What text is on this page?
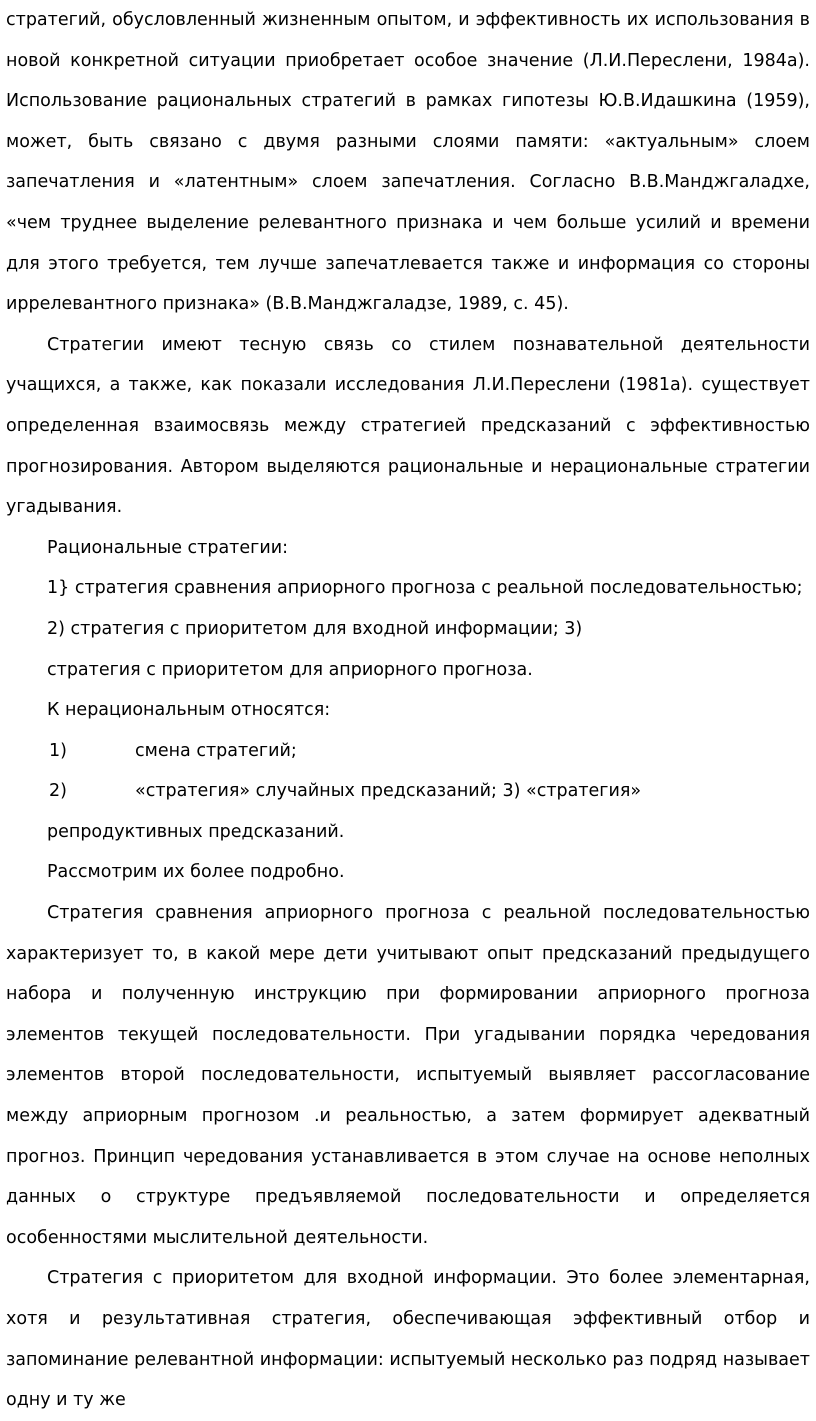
стратегий, обусловленный жизненным опытом, и эффективность их использования в новой конкретной ситуации приобретает особое значение (Л.И.Переслени, 1984а). Использование рациональных стратегий в рамках гипотезы Ю.В.Идашкина (1959), может, быть связано с двумя разными слоями памяти: «актуальным» слоем запечатления и «латентным» слоем запечатления. Согласно В.В.Манджгаладхе, «чем труднее выделение релевантного признака и чем больше усилий и времени для этого требуется, тем лучше запечатлевается также и информация со стороны иррелевантного признака» (В.В.Манджгаладзе, 1989, с. 45).

Стратегии имеют тесную связь со стилем познавательной деятельности учащихся, а также, как показали исследования Л.И.Переслени (1981а). существует определенная взаимосвязь между стратегией предсказаний с эффективностью прогнозирования. Автором выделяются рациональные и нерациональные стратегии угадывания.

Рациональные стратегии:

1} стратегия сравнения априорного прогноза с реальной последовательностью;

2) стратегия с приоритетом для входной информации; 3)

стратегия с приоритетом для априорного прогноза.

К нерациональным относятся:

1)	смена стратегий;

2)	«стратегия» случайных предсказаний; 3) «стратегия»

репродуктивных предсказаний.

Рассмотрим их более подробно.

Стратегия сравнения априорного прогноза с реальной последовательностью характеризует то, в какой мере дети учитывают опыт предсказаний предыдущего набора и полученную инструкцию при формировании априорного прогноза элементов текущей последовательности. При угадывании порядка чередования элементов второй последовательности, испытуемый выявляет рассогласование между априорным прогнозом .и реальностью, а затем формирует адекватный прогноз. Принцип чередования устанавливается в этом случае на основе неполных данных о структуре предъявляемой последовательности и определяется особенностями мыслительной деятельности.

Стратегия с приоритетом для входной информации. Это более элементарная, хотя и результативная стратегия, обеспечивающая эффективный отбор и запоминание релевантной информации: испытуемый несколько раз подряд называет одну и ту же
